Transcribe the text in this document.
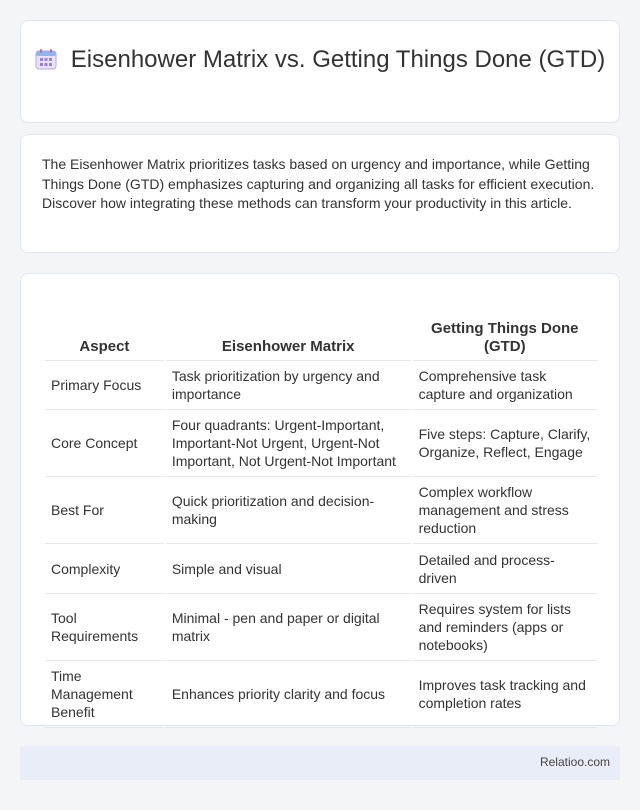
Eisenhower Matrix vs. Getting Things Done (GTD)

The Eisenhower Matrix prioritizes tasks based on urgency and importance, while Getting Things Done (GTD) emphasizes capturing and organizing all tasks for efficient execution. Discover how integrating these methods can transform your productivity in this article.

Aspect	Eisenhower Matrix	Getting Things Done (GTD)
Primary Focus	Task prioritization by urgency and importance	Comprehensive task capture and organization
Core Concept	Four quadrants: Urgent-Important, Important-Not Urgent, Urgent-Not Important, Not Urgent-Not Important	Five steps: Capture, Clarify, Organize, Reflect, Engage
Best For	Quick prioritization and decision-making	Complex workflow management and stress reduction
Complexity	Simple and visual	Detailed and process-driven
Tool Requirements	Minimal - pen and paper or digital matrix	Requires system for lists and reminders (apps or notebooks)
Time Management Benefit	Enhances priority clarity and focus	Improves task tracking and completion rates
Relatioo.com
